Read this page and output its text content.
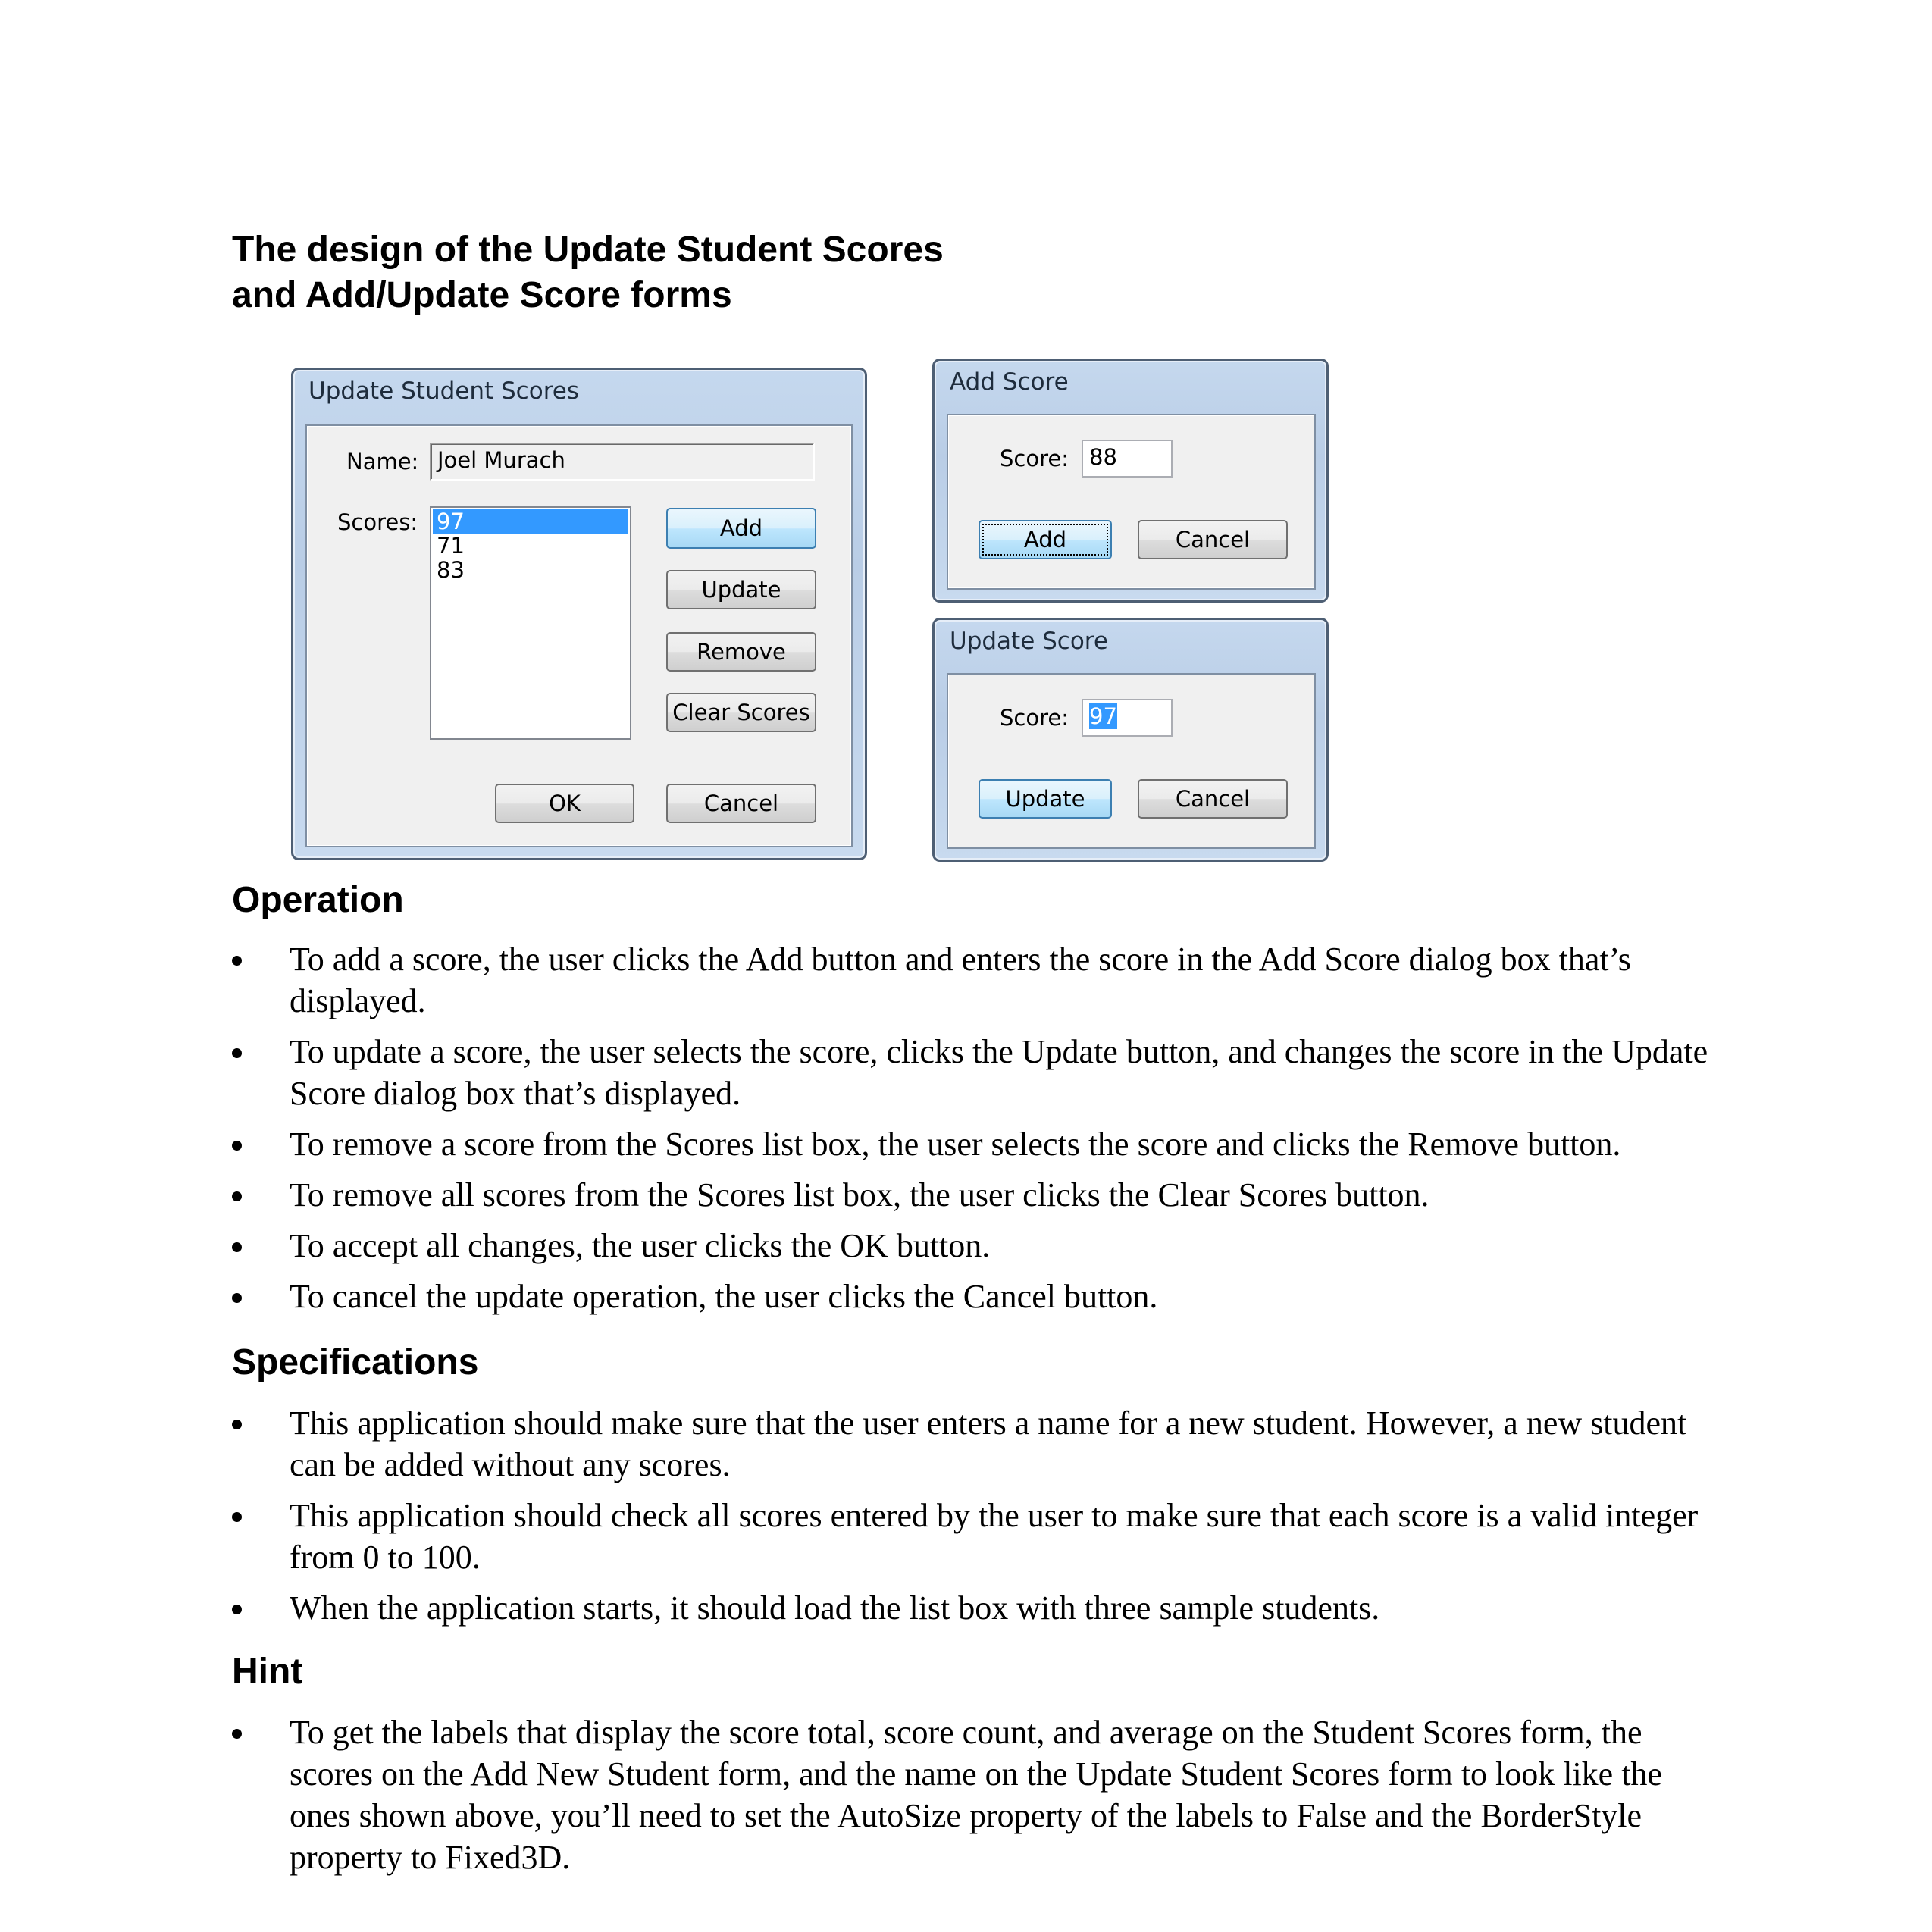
The design of the Update Student Scores
and Add/Update Score forms
Update Student Scores
Name: Joel Murach
Scores: 97
71
83
Add
Update
Remove
Clear Scores
OK	Cancel
Add Score
Score: 88
Add	Cancel
Update Score
Score: 97
Update	Cancel
Operation
To add a score, the user clicks the Add button and enters the score in the Add Score dialog box that’s displayed.
To update a score, the user selects the score, clicks the Update button, and changes the score in the Update Score dialog box that’s displayed.
To remove a score from the Scores list box, the user selects the score and clicks the Remove button.
To remove all scores from the Scores list box, the user clicks the Clear Scores button.
To accept all changes, the user clicks the OK button.
To cancel the update operation, the user clicks the Cancel button.
Specifications
This application should make sure that the user enters a name for a new student. However, a new student can be added without any scores.
This application should check all scores entered by the user to make sure that each score is a valid integer from 0 to 100.
When the application starts, it should load the list box with three sample students.
Hint
To get the labels that display the score total, score count, and average on the Student Scores form, the scores on the Add New Student form, and the name on the Update Student Scores form to look like the ones shown above, you’ll need to set the AutoSize property of the labels to False and the BorderStyle property to Fixed3D.
